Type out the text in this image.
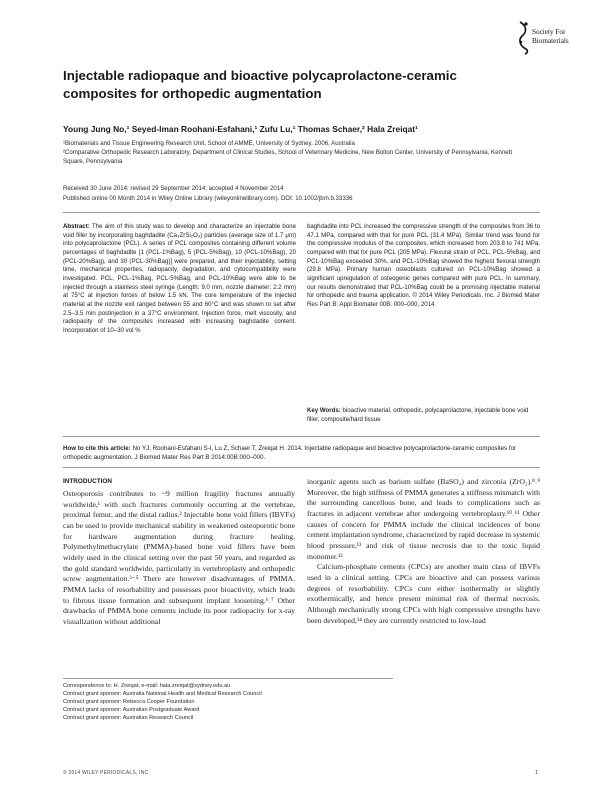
Society For
Biomaterials
Injectable radiopaque and bioactive polycaprolactone-ceramic composites for orthopedic augmentation
Young Jung No,¹ Seyed-Iman Roohani-Esfahani,¹ Zufu Lu,¹ Thomas Schaer,² Hala Zreiqat¹
¹Biomaterials and Tissue Engineering Research Unit, School of AMME, University of Sydney, 2006, Australia
²Comparative Orthopedic Research Laboratory, Department of Clinical Studies, School of Veterinary Medicine, New Bolton Center, University of Pennsylvania, Kennett Square, Pennsylvania
Received 30 June 2014; revised 29 September 2014; accepted 4 November 2014
Published online 00 Month 2014 in Wiley Online Library (wileyonlinelibrary.com). DOI: 10.1002/jbm.b.33336
Abstract: The aim of this study was to develop and characterize an injectable bone void filler by incorporating baghdadite (Ca₃ZrSi₂O₉) particles (average size of 1.7 μm) into polycaprolactone (PCL). A series of PCL composites containing different volume percentages of baghdadite [1 (PCL-1%Bag), 5 (PCL-5%Bag), 10 (PCL-10%Bag), 20 (PCL-20%Bag), and 30 (PCL-30%Bag)] were prepared, and their injectability, setting time, mechanical properties, radiopacity, degradation, and cytocompatibility were investigated. PCL, PCL-1%Bag, PCL-5%Bag, and PCL-10%Bag were able to be injected through a stainless steel syringe (Length: 9.0 mm, nozzle diameter: 2.2 mm) at 75°C at injection forces of below 1.5 kN. The core temperature of the injected material at the nozzle exit ranged between 55 and 60°C and was shown to set after 2.5–3.5 min postinjection in a 37°C environment. Injection force, melt viscosity, and radiopacity of the composites increased with increasing baghdadite content. Incorporation of 10–30 vol %
baghdadite into PCL increased the compressive strength of the composites from 36 to 47.1 MPa, compared with that for pure PCL (31.4 MPa). Similar trend was found for the compressive modulus of the composites, which increased from 203.8 to 741 MPa, compared with that for pure PCL (205 MPa). Flexural strain of PCL, PCL-5%Bag, and PCL-10%Bag exceeded 30%, and PCL-10%Bag showed the highest flexural strength (29.8 MPa). Primary human osteoblasts cultured on PCL-10%Bag showed a significant upregulation of osteogenic genes compared with pure PCL. In summary, our results demonstrated that PCL-10%Bag could be a promising injectable material for orthopedic and trauma application. © 2014 Wiley Periodicals, Inc. J Biomed Mater Res Part B: Appl Biomater 00B: 000–000, 2014.
Key Words: bioactive material, orthopedic, polycaprolactone, injectable bone void filler, composite/hard tissue
How to cite this article: No YJ, Roohani-Esfahani S-I, Lu Z, Schaer T, Zreiqat H. 2014. Injectable radiopaque and bioactive polycaprolactone-ceramic composites for orthopedic augmentation. J Biomed Mater Res Part B 2014:00B:000–000.
INTRODUCTION
Osteoporosis contributes to ~9 million fragility fractures annually worldwide,¹ with such fractures commonly occurring at the vertebrae, proximal femur, and the distal radius.² Injectable bone void fillers (IBVFs) can be used to provide mechanical stability in weakened osteoporotic bone for hardware augmentation during fracture healing. Polymethylmethacrylate (PMMA)-based bone void fillers have been widely used in the clinical setting over the past 50 years, and regarded as the gold standard worldwide, particularly in vertebroplasty and orthopedic screw augmentation.³⁻⁵ There are however disadvantages of PMMA. PMMA lacks of resorbability and possesses poor bioactivity, which leads to fibrous tissue formation and subsequent implant loosening.⁶˒⁷ Other drawbacks of PMMA bone cements include its poor radiopacity for x-ray visualization without additional
inorganic agents such as barium sulfate (BaSO₄) and zirconia (ZrO₂).⁸˒⁹ Moreover, the high stiffness of PMMA generates a stiffness mismatch with the surrounding cancellous bone, and leads to complications such as fractures in adjacent vertebrae after undergoing vertebroplasty.¹⁰˒¹¹ Other causes of concern for PMMA include the clinical incidences of bone cement implantation syndrome, characterized by rapid decrease in systemic blood pressure,¹² and risk of tissue necrosis due to the toxic liquid monomer.¹³
Calcium-phosphate cements (CPCs) are another main class of IBVFs used in a clinical setting. CPCs are bioactive and can possess various degrees of resorbability. CPCs cure either isothermally or slightly exothermically, and hence present minimal risk of thermal necrosis. Although mechanically strong CPCs with high compressive strengths have been developed,¹⁴ they are currently restricted to low-load
Correspondence to: H. Zreiqat; e-mail: hala.zreiqat@sydney.edu.au
Contract grant sponsor: Australia National Health and Medical Research Council
Contract grant sponsor: Rebecca Cooper Foundation
Contract grant sponsor: Australian Postgraduate Award
Contract grant sponsor: Australian Research Council
© 2014 WILEY PERIODICALS, INC.	1
